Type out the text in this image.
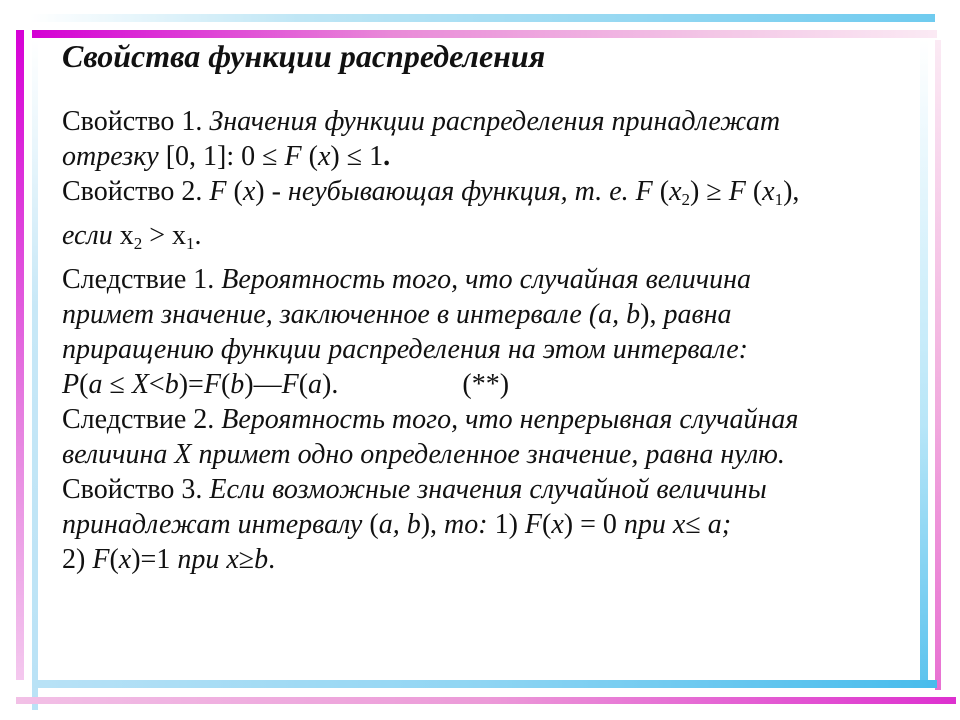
Свойства функции распределения
Свойство 1. Значения функции распределения принадлежат
отрезку [0, 1]: 0 ≤ F (x) ≤ 1.
Свойство 2. F (x) - неубывающая функция, т. е. F $(x_2) \ge F$ $(x_1)$,
если $x_2 > x_1$.
Следствие 1. Вероятность того, что случайная величина
примет значение, заключенное в интервале (a, b), равна
приращению функции распределения на этом интервале:
P(a ≤ X<b)=F(b)—F(a).	(**)
Следствие 2. Вероятность того, что непрерывная случайная
величина X примет одно определенное значение, равна нулю.
Свойство 3. Если возможные значения случайной величины
принадлежат интервалу (a, b), то: 1) F(x) = 0 при x≤ a;
2) F(x)=1 при x≥b.
